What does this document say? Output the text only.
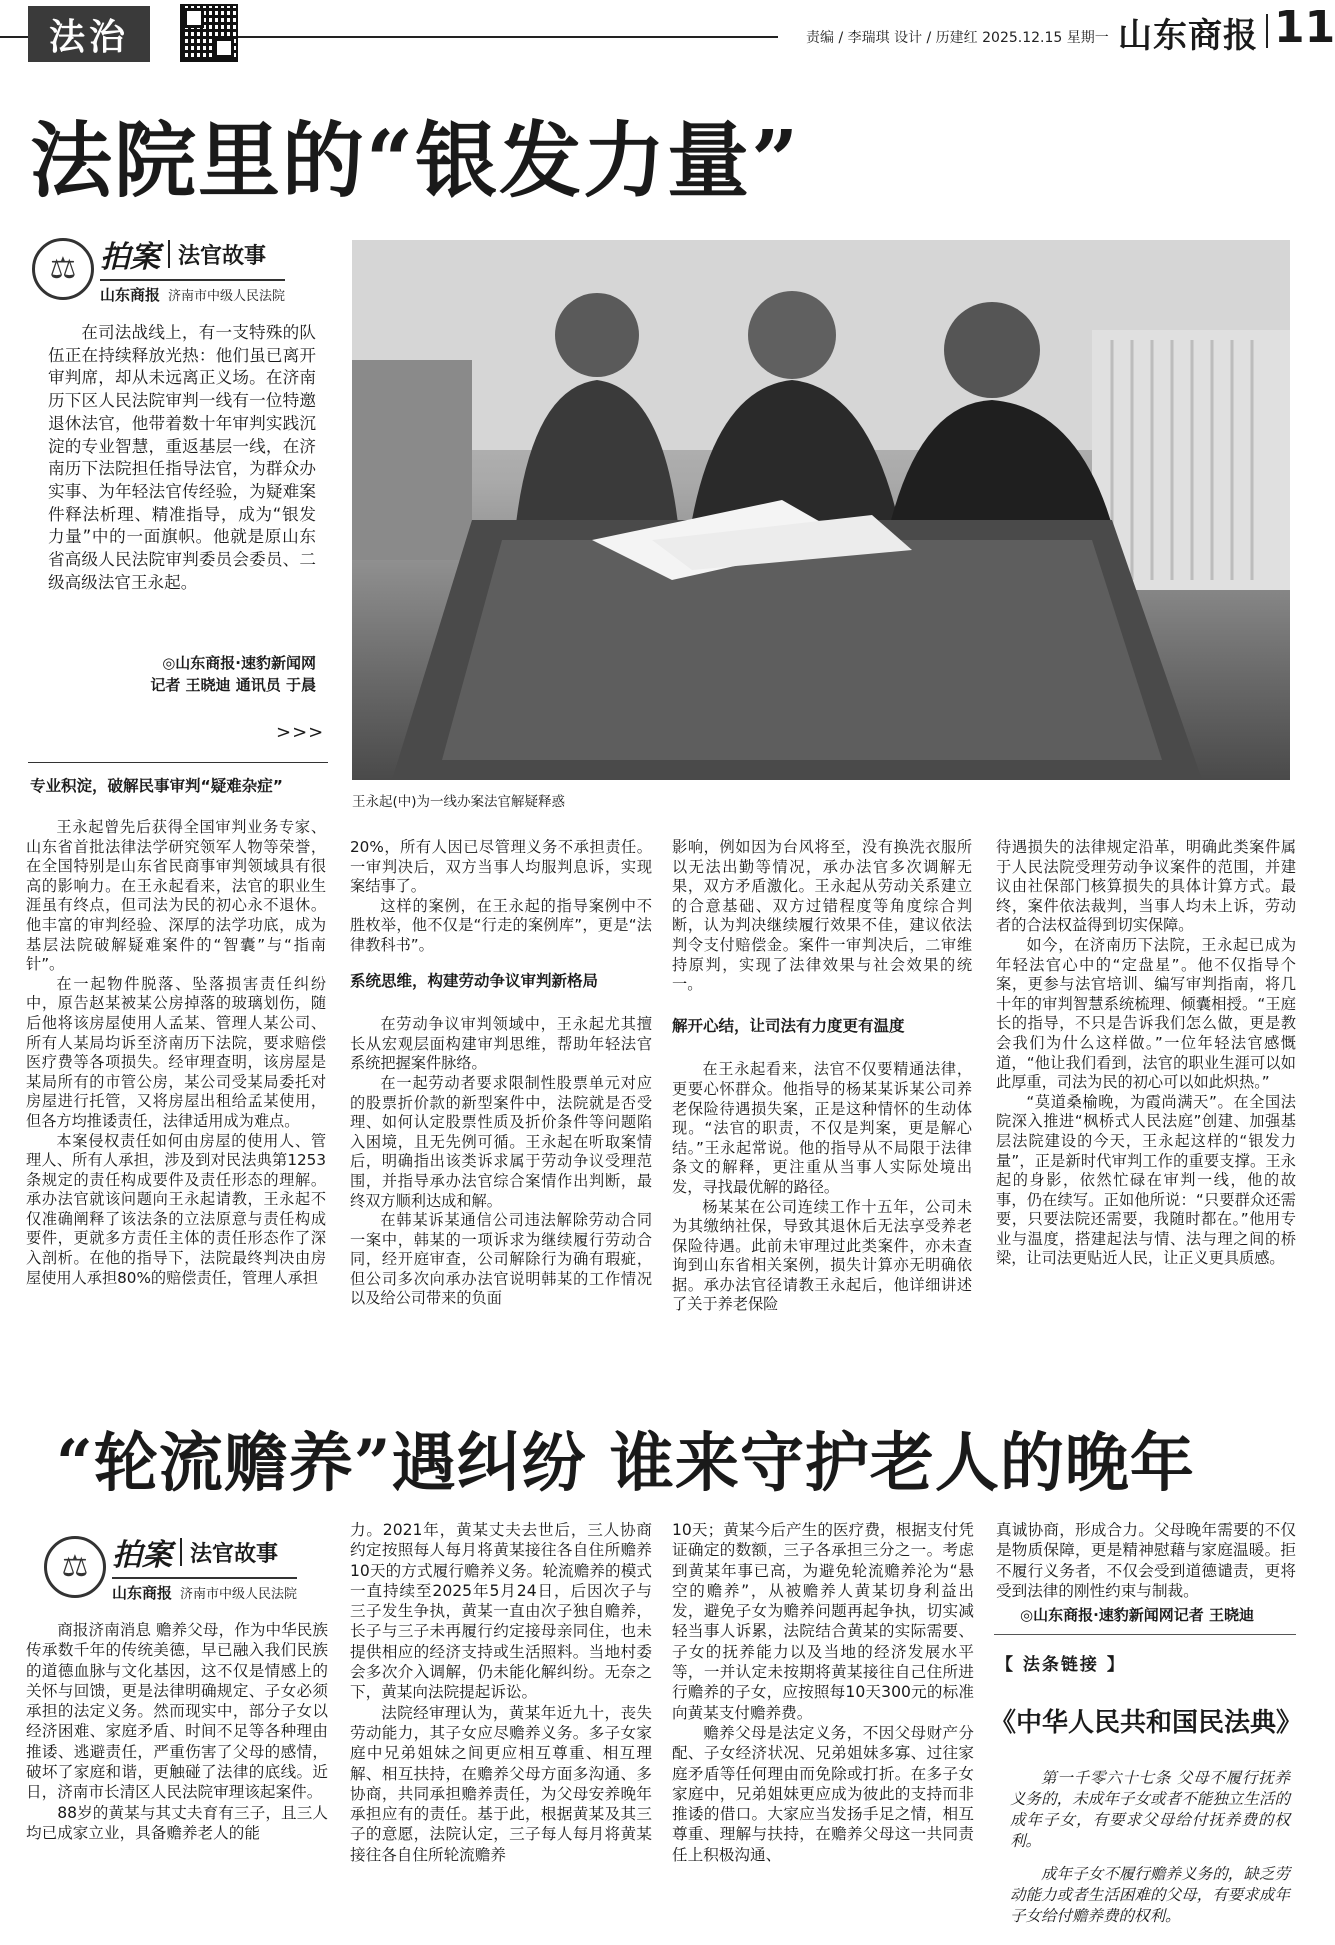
法治	责编 / 李瑞琪 设计 / 历建红 2025.12.15 星期一 山东商报 11
法院里的“银发力量”
⚖ 拍案 法官故事
山东商报 济南市中级人民法院
在司法战线上，有一支特殊的队伍正在持续释放光热：他们虽已离开审判席，却从未远离正义场。在济南历下区人民法院审判一线有一位特邀退休法官，他带着数十年审判实践沉淀的专业智慧，重返基层一线，在济南历下法院担任指导法官，为群众办实事、为年轻法官传经验，为疑难案件释法析理、精准指导，成为“银发力量”中的一面旗帜。他就是原山东省高级人民法院审判委员会委员、二级高级法官王永起。
◎山东商报·速豹新闻网
记者 王晓迪 通讯员 于晨
>>>
专业积淀，破解民事审判“疑难杂症”
王永起(中)为一线办案法官解疑释惑

王永起曾先后获得全国审判业务专家、山东省首批法律法学研究领军人物等荣誉，在全国特别是山东省民商事审判领域具有很高的影响力。在王永起看来，法官的职业生涯虽有终点，但司法为民的初心永不退休。他丰富的审判经验、深厚的法学功底，成为基层法院破解疑难案件的“智囊”与“指南针”。

在一起物件脱落、坠落损害责任纠纷中，原告赵某被某公房掉落的玻璃划伤，随后他将该房屋使用人孟某、管理人某公司、所有人某局均诉至济南历下法院，要求赔偿医疗费等各项损失。经审理查明，该房屋是某局所有的市管公房，某公司受某局委托对房屋进行托管，又将房屋出租给孟某使用，但各方均推诿责任，法律适用成为难点。

本案侵权责任如何由房屋的使用人、管理人、所有人承担，涉及到对民法典第1253条规定的责任构成要件及责任形态的理解。承办法官就该问题向王永起请教，王永起不仅准确阐释了该法条的立法原意与责任构成要件，更就多方责任主体的责任形态作了深入剖析。在他的指导下，法院最终判决由房屋使用人承担80%的赔偿责任，管理人承担

20%，所有人因已尽管理义务不承担责任。一审判决后，双方当事人均服判息诉，实现案结事了。

这样的案例，在王永起的指导案例中不胜枚举，他不仅是“行走的案例库”，更是“法律教科书”。

系统思维，构建劳动争议审判新格局

在劳动争议审判领域中，王永起尤其擅长从宏观层面构建审判思维，帮助年轻法官系统把握案件脉络。

在一起劳动者要求限制性股票单元对应的股票折价款的新型案件中，法院就是否受理、如何认定股票性质及折价条件等问题陷入困境，且无先例可循。王永起在听取案情后，明确指出该类诉求属于劳动争议受理范围，并指导承办法官综合案情作出判断，最终双方顺利达成和解。

在韩某诉某通信公司违法解除劳动合同一案中，韩某的一项诉求为继续履行劳动合同，经开庭审查，公司解除行为确有瑕疵，但公司多次向承办法官说明韩某的工作情况以及给公司带来的负面

影响，例如因为台风将至，没有换洗衣服所以无法出勤等情况，承办法官多次调解无果，双方矛盾激化。王永起从劳动关系建立的合意基础、双方过错程度等角度综合判断，认为判决继续履行效果不佳，建议依法判令支付赔偿金。案件一审判决后，二审维持原判，实现了法律效果与社会效果的统一。

解开心结，让司法有力度更有温度

在王永起看来，法官不仅要精通法律，更要心怀群众。他指导的杨某某诉某公司养老保险待遇损失案，正是这种情怀的生动体现。“法官的职责，不仅是判案，更是解心结。”王永起常说。他的指导从不局限于法律条文的解释，更注重从当事人实际处境出发，寻找最优解的路径。

杨某某在公司连续工作十五年，公司未为其缴纳社保，导致其退休后无法享受养老保险待遇。此前未审理过此类案件，亦未查询到山东省相关案例，损失计算亦无明确依据。承办法官径请教王永起后，他详细讲述了关于养老保险

待遇损失的法律规定沿革，明确此类案件属于人民法院受理劳动争议案件的范围，并建议由社保部门核算损失的具体计算方式。最终，案件依法裁判，当事人均未上诉，劳动者的合法权益得到切实保障。

如今，在济南历下法院，王永起已成为年轻法官心中的“定盘星”。他不仅指导个案，更参与法官培训、编写审判指南，将几十年的审判智慧系统梳理、倾囊相授。“王庭长的指导，不只是告诉我们怎么做，更是教会我们为什么这样做。”一位年轻法官感慨道，“他让我们看到，法官的职业生涯可以如此厚重，司法为民的初心可以如此炽热。”

“莫道桑榆晚，为霞尚满天”。在全国法院深入推进“枫桥式人民法庭”创建、加强基层法院建设的今天，王永起这样的“银发力量”，正是新时代审判工作的重要支撑。王永起的身影，依然忙碌在审判一线，他的故事，仍在续写。正如他所说：“只要群众还需要，只要法院还需要，我随时都在。”他用专业与温度，搭建起法与情、法与理之间的桥梁，让司法更贴近人民，让正义更具质感。

“轮流赡养”遇纠纷 谁来守护老人的晚年
⚖ 拍案 法官故事
山东商报 济南市中级人民法院

商报济南消息 赡养父母，作为中华民族传承数千年的传统美德，早已融入我们民族的道德血脉与文化基因，这不仅是情感上的关怀与回馈，更是法律明确规定、子女必须承担的法定义务。然而现实中，部分子女以经济困难、家庭矛盾、时间不足等各种理由推诿、逃避责任，严重伤害了父母的感情，破坏了家庭和谐，更触碰了法律的底线。近日，济南市长清区人民法院审理该起案件。

88岁的黄某与其丈夫育有三子，且三人均已成家立业，具备赡养老人的能

力。2021年，黄某丈夫去世后，三人协商约定按照每人每月将黄某接往各自住所赡养10天的方式履行赡养义务。轮流赡养的模式一直持续至2025年5月24日，后因次子与三子发生争执，黄某一直由次子独自赡养，长子与三子未再履行约定接母亲同住，也未提供相应的经济支持或生活照料。当地村委会多次介入调解，仍未能化解纠纷。无奈之下，黄某向法院提起诉讼。

法院经审理认为，黄某年近九十，丧失劳动能力，其子女应尽赡养义务。多子女家庭中兄弟姐妹之间更应相互尊重、相互理解、相互扶持，在赡养父母方面多沟通、多协商，共同承担赡养责任，为父母安养晚年承担应有的责任。基于此，根据黄某及其三子的意愿，法院认定，三子每人每月将黄某接往各自住所轮流赡养

10天；黄某今后产生的医疗费，根据支付凭证确定的数额，三子各承担三分之一。考虑到黄某年事已高，为避免轮流赡养沦为“悬空的赡养”，从被赡养人黄某切身利益出发，避免子女为赡养问题再起争执，切实减轻当事人诉累，法院结合黄某的实际需要、子女的抚养能力以及当地的经济发展水平等，一并认定未按期将黄某接往自己住所进行赡养的子女，应按照每10天300元的标准向黄某支付赡养费。

赡养父母是法定义务，不因父母财产分配、子女经济状况、兄弟姐妹多寡、过往家庭矛盾等任何理由而免除或打折。在多子女家庭中，兄弟姐妹更应成为彼此的支持而非推诿的借口。大家应当发扬手足之情，相互尊重、理解与扶持，在赡养父母这一共同责任上积极沟通、

真诚协商，形成合力。父母晚年需要的不仅是物质保障，更是精神慰藉与家庭温暖。拒不履行义务者，不仅会受到道德谴责，更将受到法律的刚性约束与制裁。

◎山东商报·速豹新闻网记者 王晓迪
【 法条链接 】
《中华人民共和国民法典》
第一千零六十七条 父母不履行抚养义务的，未成年子女或者不能独立生活的成年子女，有要求父母给付抚养费的权利。
成年子女不履行赡养义务的，缺乏劳动能力或者生活困难的父母，有要求成年子女给付赡养费的权利。
